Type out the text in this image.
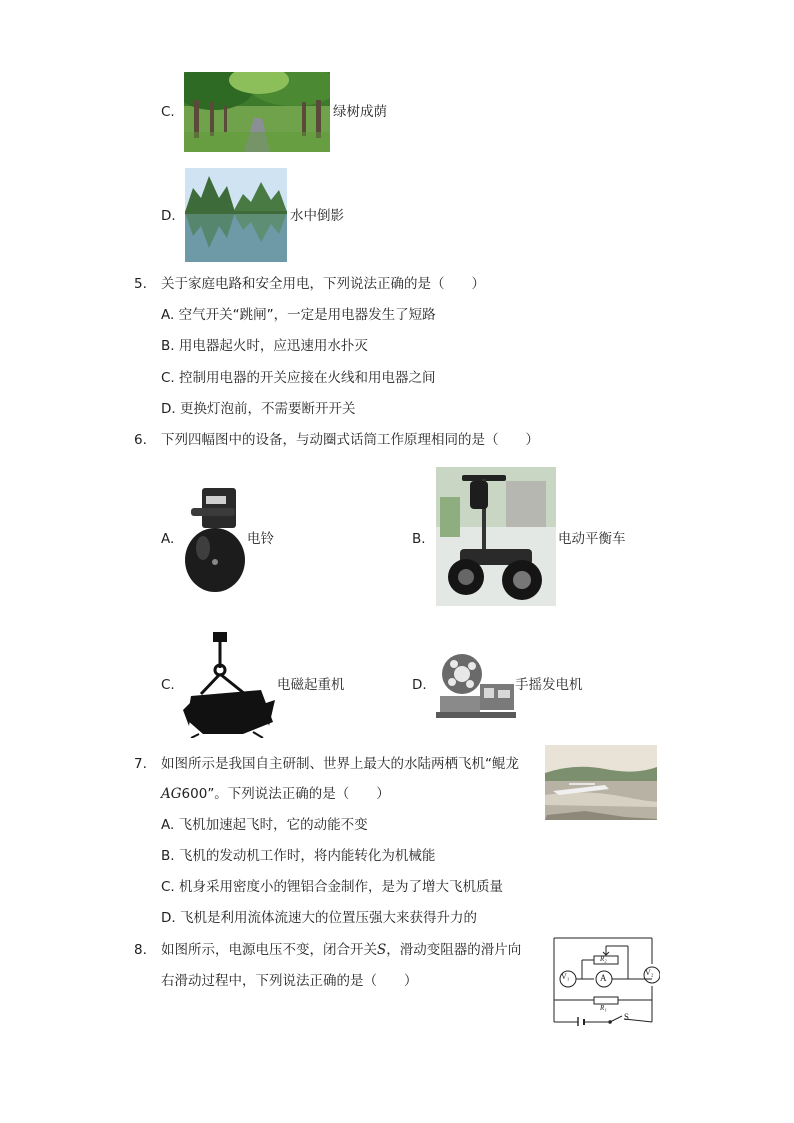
C.	绿树成荫
D.	水中倒影
5. 关于家庭电路和安全用电，下列说法正确的是（　　）
A. 空气开关“跳闸”，一定是用电器发生了短路
B. 用电器起火时，应迅速用水扑灭
C. 控制用电器的开关应接在火线和用电器之间
D. 更换灯泡前，不需要断开开关
6. 下列四幅图中的设备，与动圈式话筒工作原理相同的是（　　）
A.	电铃	B.	电动平衡车
C.	电磁起重机	D.	手摇发电机
7. 如图所示是我国自主研制、世界上最大的水陆两栖飞机“鲲龙
AG600”。下列说法正确的是（　　）
A. 飞机加速起飞时，它的动能不变
B. 飞机的发动机工作时，将内能转化为机械能
C. 机身采用密度小的锂铝合金制作，是为了增大飞机质量
D. 飞机是利用流体流速大的位置压强大来获得升力的
8. 如图所示，电源电压不变，闭合开关S，滑动变阻器的滑片向
右滑动过程中，下列说法正确的是（　　）	V₁	V₂
A
R₂
R₁
S
